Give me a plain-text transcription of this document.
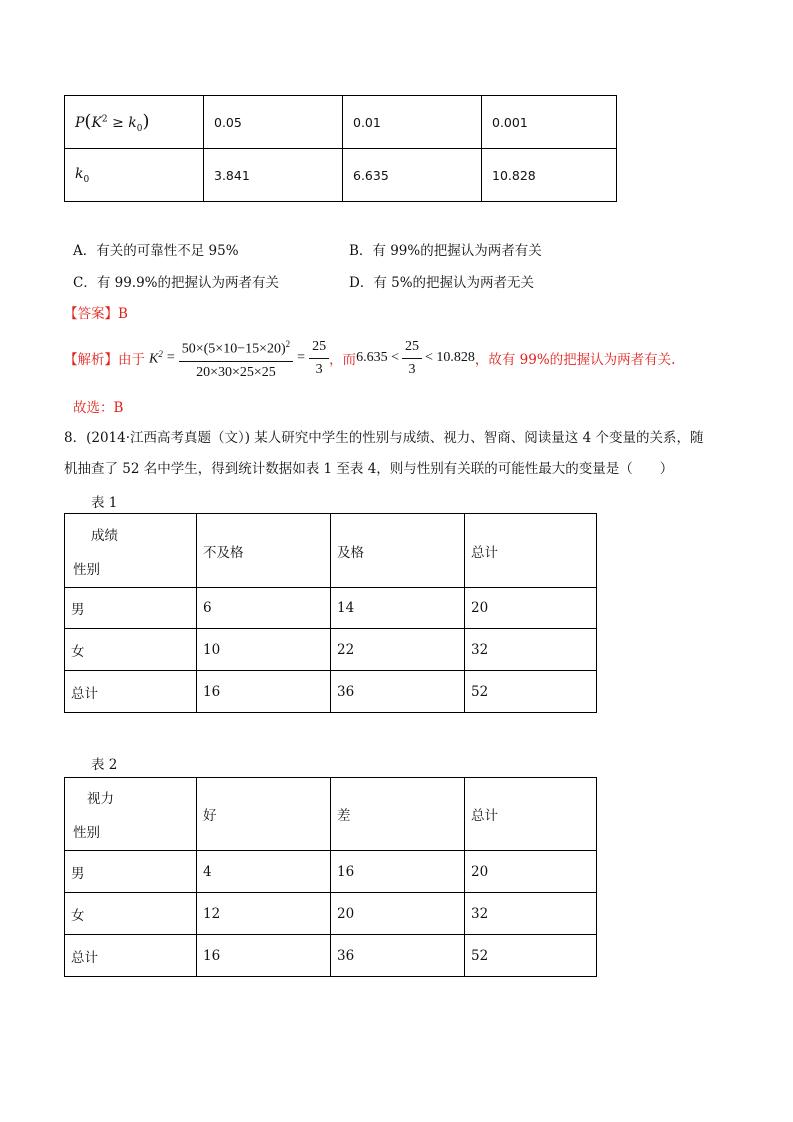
$P(K^2 \ge k_0)$	0.05	0.01	0.001
$k_0$	3.841	6.635	10.828
A．有关的可靠性不足 95%	B．有 99%的把握认为两者有关
C．有 99.9%的把握认为两者有关	D．有 5%的把握认为两者无关
【答案】B
【解析】 由于 $K^2 = \frac{50\times(5\times 10-15\times 20)^2}{20\times 30\times 25\times 25} = \frac{25}{3}$ ，而 $6.635 < \frac{25}{3} < 10.828$ ，故有 99%的把握认为两者有关.
故选：B
8．(2014·江西高考真题（文）) 某人研究中学生的性别与成绩、视力、智商、阅读量这 4 个变量的关系，随
机抽查了 52 名中学生，得到统计数据如表 1 至表 4，则与性别有关联的可能性最大的变量是（　　）
表 1
成绩
性别	不及格	及格	总计
男	6	14	20
女	10	22	32
总计	16	36	52
表 2
视力
性别	好	差	总计
男	4	16	20
女	12	20	32
总计	16	36	52
